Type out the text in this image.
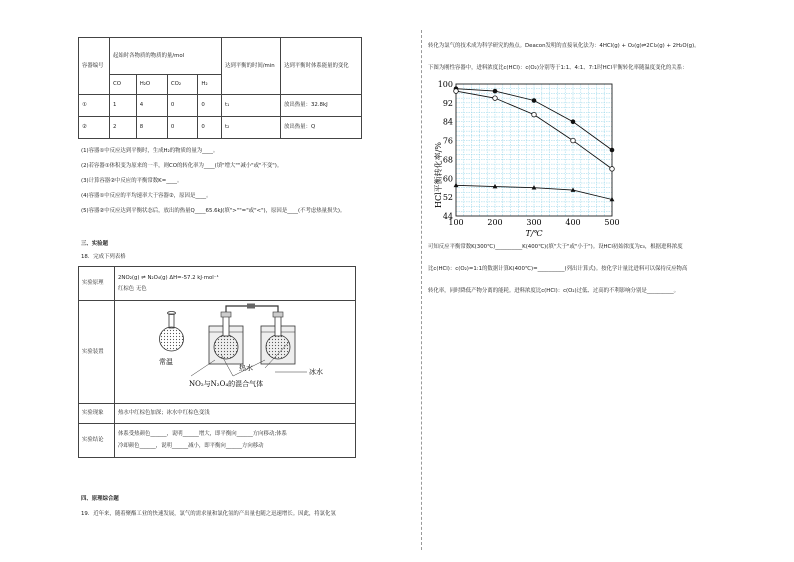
容器编号	起始时各物质的物质的量/mol				达到平衡的时间/min	达到平衡时体系能量的变化
	CO	H₂O	CO₂	H₂		
①	1	4	0	0	t₁	放出热量：32.8kJ
②	2	8	0	0	t₂	放出热量：Q
(1)容器①中反应达到平衡时，生成H₂的物质的量为____。
(2)若容器①体积变为原来的一半，则CO的转化率为____(填"增大""减小"或"不变")。
(3)计算容器②中反应的平衡常数K=____。
(4)容器①中反应的平均速率大于容器②，原因是____。
(5)容器②中反应达到平衡状态后，放出的热量Q____65.6kJ(填">""="或"<")，原因是____(不考虑热量损失)。
三、实验题
18．完成下列表格
实验原理	2NO₂(g) ⇌ N₂O₄(g) ΔH=-57.2 kJ·mol⁻¹
红棕色 无色

实验装置	常温
热水 冰水
NO₂与N₂O₄的混合气体

实验现象	热水中红棕色加深；冰水中红棕色变浅
实验结论	体系受热颜色______，说明______增大，即平衡向______方向移动;体系
冷却颜色______，说明______减小，即平衡向______方向移动
四、原理综合题
19．近年来，随着聚酯工业的快速发展，氯气的需求量和氯化氢的产出量也随之迅速增长。因此，将氯化氢
转化为氯气的技术成为科学研究的热点。Deacon发明的直接氧化法为：4HCl(g) + O₂(g)⇌2Cl₂(g) + 2H₂O(g)。
下图为刚性容器中，进料浓度比c(HCl)：c(O₂)分别等于1:1、4:1、7:1时HCl平衡转化率随温度变化的关系：
100	200	300	400	500
44
52
60
68
76
84
92
100
HCl平衡转化率/%
T/℃
可知反应平衡常数K(300℃)__________K(400℃)(填"大于"或"小于")。设HCl初始浓度为c₀，根据进料浓度
比c(HCl)：c(O₂)=1:1的数据计算K(400℃)=__________(列出计算式)。按化学计量比进料可以保持反应物高
转化率，同时降低产物分离的能耗。进料浓度比c(HCl)：c(O₂)过低、过高的不利影响分别是__________。
